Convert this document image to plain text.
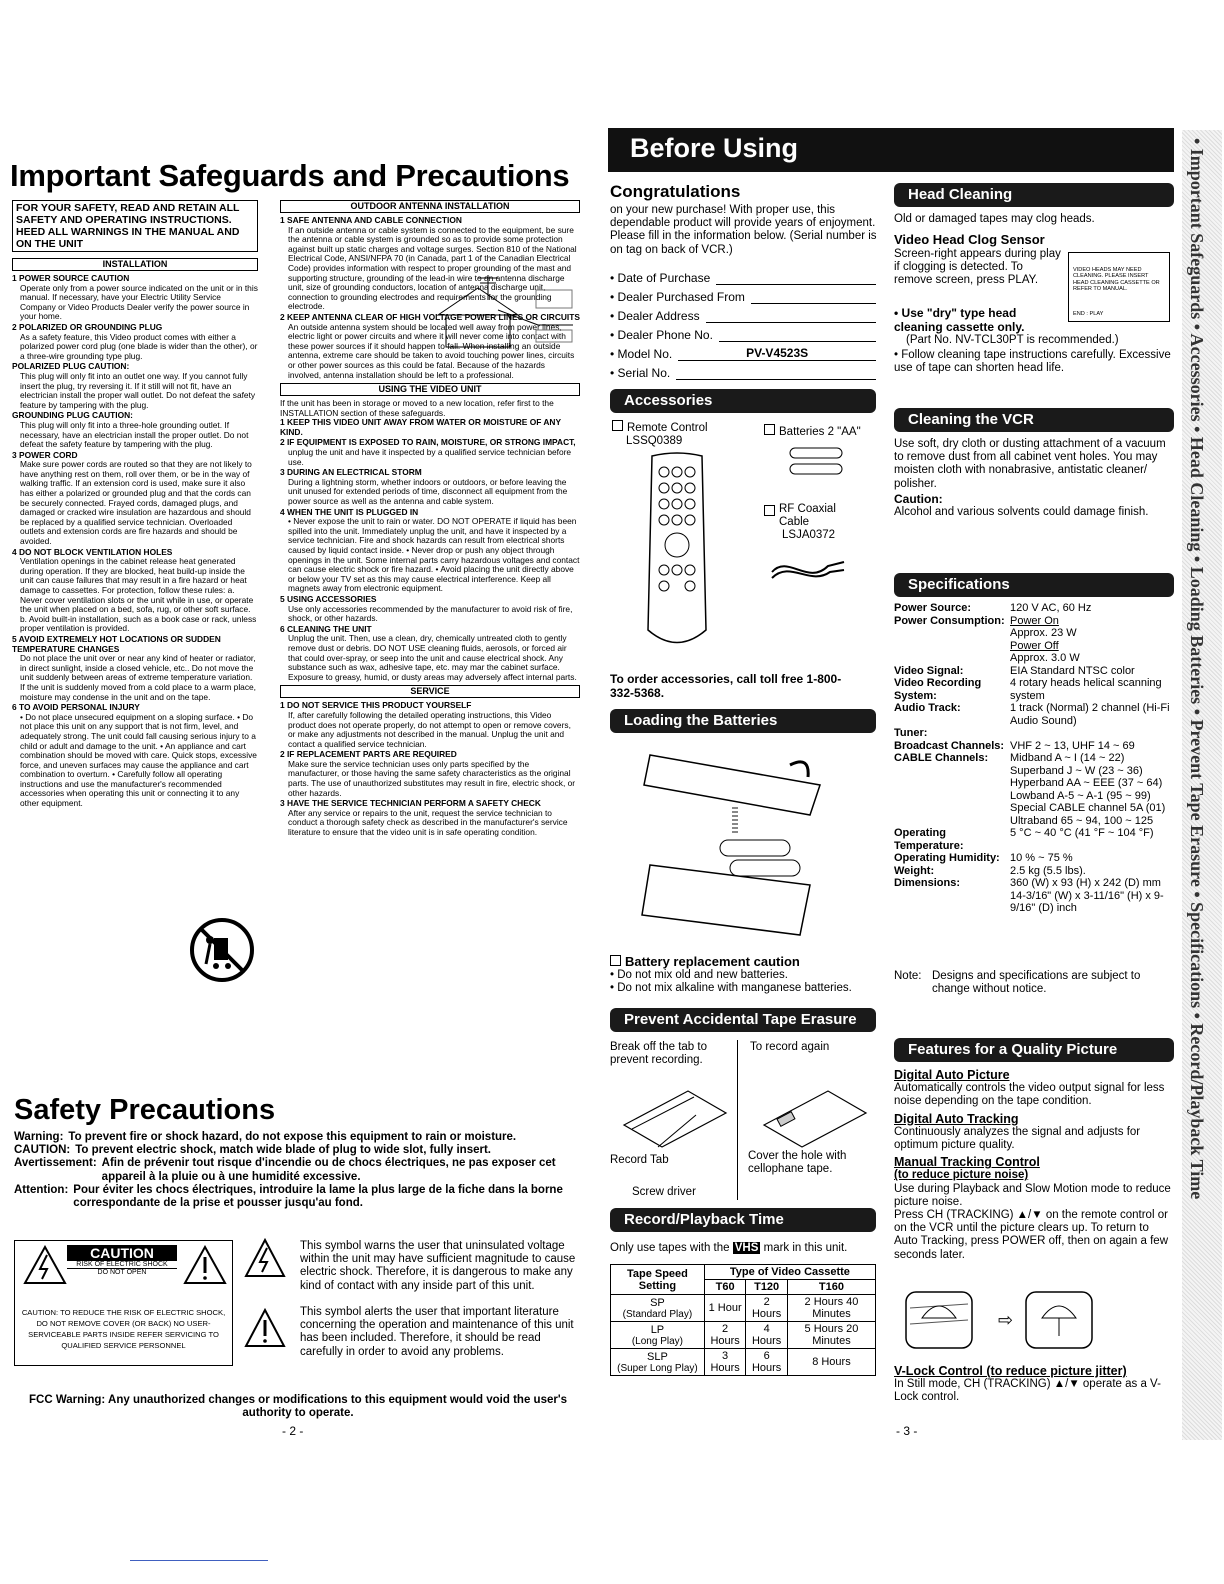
Important Safeguards and Precautions
FOR YOUR SAFETY, READ AND RETAIN ALL SAFETY AND OPERATING INSTRUCTIONS. HEED ALL WARNINGS IN THE MANUAL AND ON THE UNIT
INSTALLATION
1 POWER SOURCE CAUTION
Operate only from a power source indicated on the unit or in this manual. If necessary, have your Electric Utility Service Company or Video Products Dealer verify the power source in your home.
2 POLARIZED OR GROUNDING PLUG
As a safety feature, this Video product comes with either a polarized power cord plug (one blade is wider than the other), or a three-wire grounding type plug.
POLARIZED PLUG CAUTION:
This plug will only fit into an outlet one way. If you cannot fully insert the plug, try reversing it. If it still will not fit, have an electrician install the proper wall outlet. Do not defeat the safety feature by tampering with the plug.
GROUNDING PLUG CAUTION:
This plug will only fit into a three-hole grounding outlet. If necessary, have an electrician install the proper outlet. Do not defeat the safety feature by tampering with the plug.
3 POWER CORD
Make sure power cords are routed so that they are not likely to have anything rest on them, roll over them, or be in the way of walking traffic. If an extension cord is used, make sure it also has either a polarized or grounded plug and that the cords can be securely connected. Frayed cords, damaged plugs, and damaged or cracked wire insulation are hazardous and should be replaced by a qualified service technician. Overloaded outlets and extension cords are fire hazards and should be avoided.
4 DO NOT BLOCK VENTILATION HOLES
Ventilation openings in the cabinet release heat generated during operation. If they are blocked, heat build-up inside the unit can cause failures that may result in a fire hazard or heat damage to cassettes. For protection, follow these rules: a. Never cover ventilation slots or the unit while in use, or operate the unit when placed on a bed, sofa, rug, or other soft surface. b. Avoid built-in installation, such as a book case or rack, unless proper ventilation is provided.
5 AVOID EXTREMELY HOT LOCATIONS OR SUDDEN TEMPERATURE CHANGES
Do not place the unit over or near any kind of heater or radiator, in direct sunlight, inside a closed vehicle, etc.. Do not move the unit suddenly between areas of extreme temperature variation. If the unit is suddenly moved from a cold place to a warm place, moisture may condense in the unit and on the tape.
6 TO AVOID PERSONAL INJURY
• Do not place unsecured equipment on a sloping surface. • Do not place this unit on any support that is not firm, level, and adequately strong. The unit could fall causing serious injury to a child or adult and damage to the unit. • An appliance and cart combination should be moved with care. Quick stops, excessive force, and uneven surfaces may cause the appliance and cart combination to overturn. • Carefully follow all operating instructions and use the manufacturer's recommended accessories when operating this unit or connecting it to any other equipment.
OUTDOOR ANTENNA INSTALLATION
1 SAFE ANTENNA AND CABLE CONNECTION
If an outside antenna or cable system is connected to the equipment, be sure the antenna or cable system is grounded so as to provide some protection against built up static charges and voltage surges. Section 810 of the National Electrical Code, ANSI/NFPA 70 (in Canada, part 1 of the Canadian Electrical Code) provides information with respect to proper grounding of the mast and supporting structure, grounding of the lead-in wire to an antenna discharge unit, size of grounding conductors, location of antenna discharge unit, connection to grounding electrodes and requirements for the grounding electrode.
2 KEEP ANTENNA CLEAR OF HIGH VOLTAGE POWER LINES OR CIRCUITS
An outside antenna system should be located well away from power lines, electric light or power circuits and where it will never come into contact with these power sources if it should happen to fall. When installing an outside antenna, extreme care should be taken to avoid touching power lines, circuits or other power sources as this could be fatal. Because of the hazards involved, antenna installation should be left to a professional.
USING THE VIDEO UNIT
If the unit has been in storage or moved to a new location, refer first to the INSTALLATION section of these safeguards.
1 KEEP THIS VIDEO UNIT AWAY FROM WATER OR MOISTURE OF ANY KIND.
2 IF EQUIPMENT IS EXPOSED TO RAIN, MOISTURE, OR STRONG IMPACT,
unplug the unit and have it inspected by a qualified service technician before use.
3 DURING AN ELECTRICAL STORM
During a lightning storm, whether indoors or outdoors, or before leaving the unit unused for extended periods of time, disconnect all equipment from the power source as well as the antenna and cable system.
4 WHEN THE UNIT IS PLUGGED IN
• Never expose the unit to rain or water. DO NOT OPERATE if liquid has been spilled into the unit. Immediately unplug the unit, and have it inspected by a service technician. Fire and shock hazards can result from electrical shorts caused by liquid contact inside. • Never drop or push any object through openings in the unit. Some internal parts carry hazardous voltages and contact can cause electric shock or fire hazard. • Avoid placing the unit directly above or below your TV set as this may cause electrical interference. Keep all magnets away from electronic equipment.
5 USING ACCESSORIES
Use only accessories recommended by the manufacturer to avoid risk of fire, shock, or other hazards.
6 CLEANING THE UNIT
Unplug the unit. Then, use a clean, dry, chemically untreated cloth to gently remove dust or debris. DO NOT USE cleaning fluids, aerosols, or forced air that could over-spray, or seep into the unit and cause electrical shock. Any substance such as wax, adhesive tape, etc. may mar the cabinet surface. Exposure to greasy, humid, or dusty areas may adversely affect internal parts.
SERVICE
1 DO NOT SERVICE THIS PRODUCT YOURSELF
If, after carefully following the detailed operating instructions, this Video product does not operate properly, do not attempt to open or remove covers, or make any adjustments not described in the manual. Unplug the unit and contact a qualified service technician.
2 IF REPLACEMENT PARTS ARE REQUIRED
Make sure the service technician uses only parts specified by the manufacturer, or those having the same safety characteristics as the original parts. The use of unauthorized substitutes may result in fire, electric shock, or other hazards.
3 HAVE THE SERVICE TECHNICIAN PERFORM A SAFETY CHECK
After any service or repairs to the unit, request the service technician to conduct a thorough safety check as described in the manufacturer's service literature to ensure that the video unit is in safe operating condition.
Safety Precautions
Warning: To prevent fire or shock hazard, do not expose this equipment to rain or moisture.
CAUTION: To prevent electric shock, match wide blade of plug to wide slot, fully insert.
Avertissement: Afin de prévenir tout risque d'incendie ou de chocs électriques, ne pas exposer cet appareil à la pluie ou à une humidité excessive.
Attention: Pour éviter les chocs électriques, introduire la lame la plus large de la fiche dans la borne correspondante de la prise et pousser jusqu'au fond.
CAUTION
RISK OF ELECTRIC SHOCK
DO NOT OPEN
CAUTION: TO REDUCE THE RISK OF ELECTRIC SHOCK, DO NOT REMOVE COVER (OR BACK) NO USER-SERVICEABLE PARTS INSIDE REFER SERVICING TO QUALIFIED SERVICE PERSONNEL
This symbol warns the user that uninsulated voltage within the unit may have sufficient magnitude to cause electric shock. Therefore, it is dangerous to make any kind of contact with any inside part of this unit.
This symbol alerts the user that important literature concerning the operation and maintenance of this unit has been included. Therefore, it should be read carefully in order to avoid any problems.
FCC Warning: Any unauthorized changes or modifications to this equipment would void the user's authority to operate.
- 2 -
Before Using
Congratulations
on your new purchase! With proper use, this dependable product will provide years of enjoyment. Please fill in the information below. (Serial number is on tag on back of VCR.)
• Date of Purchase
• Dealer Purchased From
• Dealer Address
• Dealer Phone No.
• Model No.	PV-V4523S
• Serial No.
Accessories
Remote Control
LSSQ0389
Batteries 2 "AA"
RF Coaxial Cable
LSJA0372
To order accessories, call toll free 1-800-332-5368.
Loading the Batteries
Battery replacement caution
• Do not mix old and new batteries.
• Do not mix alkaline with manganese batteries.
Prevent Accidental Tape Erasure
Break off the tab to prevent recording.
To record again
Record Tab
Screw driver
Cover the hole with cellophane tape.
Record/Playback Time
Only use tapes with the VHS mark in this unit.
Tape Speed Setting	Type of Video Cassette		
	T60	T120	T160

SP
(Standard Play)	1 Hour	2 Hours	2 Hours 40 Minutes

LP
(Long Play)	2 Hours	4 Hours	5 Hours 20 Minutes

SLP
(Super Long Play)	3 Hours	6 Hours	8 Hours
- 3 -
Head Cleaning
Old or damaged tapes may clog heads.
Video Head Clog Sensor
Screen-right appears during play if clogging is detected. To remove screen, press PLAY.
VIDEO HEADS MAY NEED CLEANING. PLEASE INSERT HEAD CLEANING CASSETTE OR REFER TO MANUAL.
END : PLAY
• Use "dry" type head cleaning cassette only.
(Part No. NV-TCL30PT is recommended.)
• Follow cleaning tape instructions carefully. Excessive use of tape can shorten head life.
Cleaning the VCR
Use soft, dry cloth or dusting attachment of a vacuum to remove dust from all cabinet vent holes. You may moisten cloth with nonabrasive, antistatic cleaner/ polisher.
Caution:
Alcohol and various solvents could damage finish.
Specifications
Power Source:	120 V AC, 60 Hz
Power Consumption: Power On
Approx. 23 W
Power Off
Approx. 3.0 W
Video Signal:	EIA Standard NTSC color
Video Recording System:
4 rotary heads helical scanning system
Audio Track:	1 track (Normal) 2 channel (Hi-Fi Audio Sound)
Tuner:
Broadcast Channels: VHF 2 ~ 13, UHF 14 ~ 69
CABLE Channels:	Midband A ~ I (14 ~ 22) Superband J ~ W (23 ~ 36) Hyperband AA ~ EEE (37 ~ 64) Lowband A-5 ~ A-1 (95 ~ 99) Special CABLE channel 5A (01) Ultraband 65 ~ 94, 100 ~ 125
Operating Temperature:
5 °C ~ 40 °C (41 °F ~ 104 °F)
Operating Humidity: 10 % ~ 75 %
Weight:	2.5 kg (5.5 lbs).
Dimensions:	360 (W) x 93 (H) x 242 (D) mm 14-3/16" (W) x 3-11/16" (H) x 9-9/16" (D) inch
Note: Designs and specifications are subject to change without notice.
Features for a Quality Picture
Digital Auto Picture
Automatically controls the video output signal for less noise depending on the tape condition.
Digital Auto Tracking
Continuously analyzes the signal and adjusts for optimum picture quality.
Manual Tracking Control
(to reduce picture noise)
Use during Playback and Slow Motion mode to reduce picture noise.
Press CH (TRACKING) ▲/▼ on the remote control or on the VCR until the picture clears up. To return to Auto Tracking, press POWER off, then on again a few seconds later.
⇨
V-Lock Control (to reduce picture jitter)
In Still mode, CH (TRACKING) ▲/▼ operate as a V-Lock control.
• Important Safeguards • Accessories • Head Cleaning • Loading Batteries • Prevent Tape Erasure • Specifications • Record/Playback Time
